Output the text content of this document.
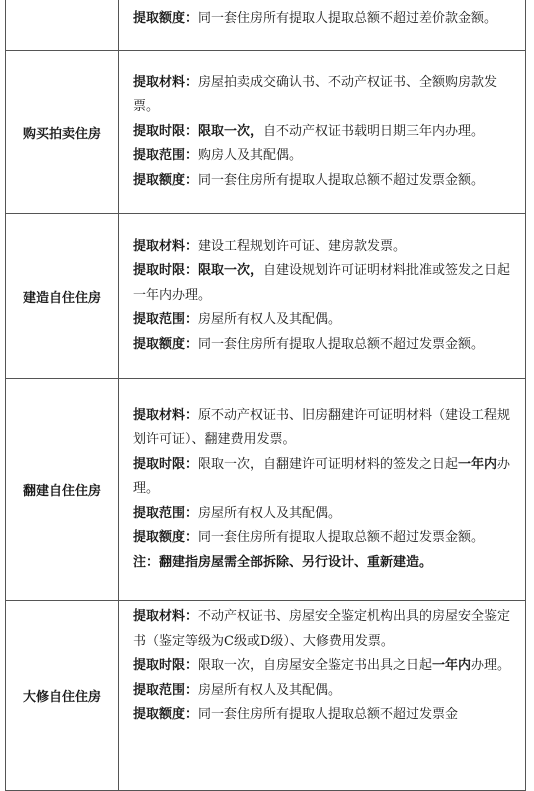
	提取额度：同一套住房所有提取人提取总额不超过差价款金额。

购买拍卖住房	提取材料：房屋拍卖成交确认书、不动产权证书、全额购房款发票。

提取时限：限取一次，自不动产权证书载明日期三年内办理。

提取范围：购房人及其配偶。

提取额度：同一套住房所有提取人提取总额不超过发票金额。

建造自住住房	提取材料：建设工程规划许可证、建房款发票。

提取时限：限取一次，自建设规划许可证明材料批准或签发之日起一年内办理。

提取范围：房屋所有权人及其配偶。

提取额度：同一套住房所有提取人提取总额不超过发票金额。

翻建自住住房	提取材料：原不动产权证书、旧房翻建许可证明材料（建设工程规划许可证）、翻建费用发票。

提取时限：限取一次，自翻建许可证明材料的签发之日起一年内办理。

提取范围：房屋所有权人及其配偶。

提取额度：同一套住房所有提取人提取总额不超过发票金额。

注：翻建指房屋需全部拆除、另行设计、重新建造。

大修自住住房	提取材料：不动产权证书、房屋安全鉴定机构出具的房屋安全鉴定书（鉴定等级为C级或D级）、大修费用发票。

提取时限：限取一次，自房屋安全鉴定书出具之日起一年内办理。

提取范围：房屋所有权人及其配偶。

提取额度：同一套住房所有提取人提取总额不超过发票金
